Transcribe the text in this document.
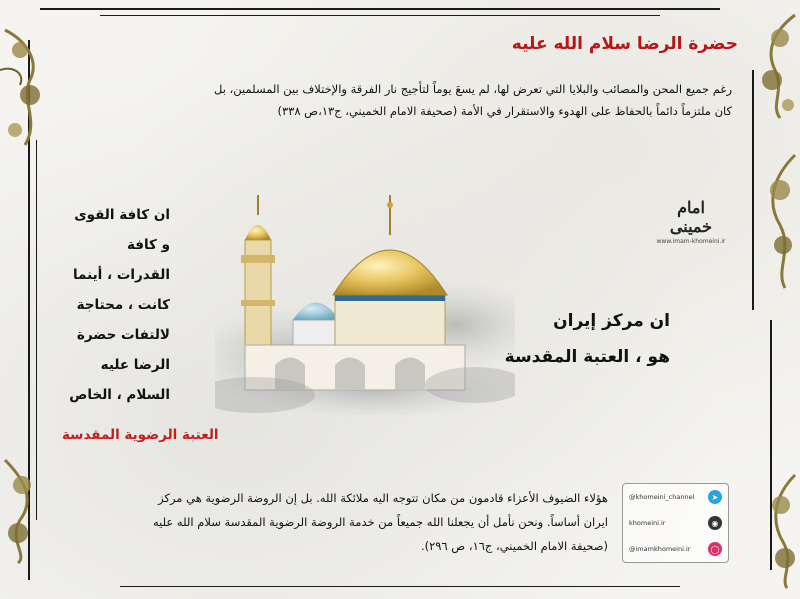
حضرة الرضا سلام الله عليه

رغم جميع المحن والمصائب والبلايا التي تعرض لها، لم يسعَ يوماً لتأجيج نار الفرقة والإختلاف بين المسلمين، بل

كان ملتزماً دائماً بالحفاظ على الهدوء والاستقرار في الأمة (صحيفة الامام الخميني، ج١٣،ص ٣٣٨)

ان كافة القوى
و كافة
القدرات ، أينما
كانت ، محتاجة
لالتفات حضرة
الرضا عليه
السلام ، الخاص
العتبة الرضوية المقدسة
ان مركز إيران
هو ، العتبة المقدسة
امام خمینی
www.imam-khomeini.ir

هؤلاء الضيوف الأعزاء قادمون من مكان تتوجه اليه ملائكة الله. بل إن الروضة الرضوية هي مركز

ايران أساساً. ونحن نأمل أن يجعلنا الله جميعاً من خدمة الروضة الرضوية المقدسة سلام الله عليه

(صحيفة الامام الخميني، ج١٦، ص ٢٩٦).

@khomeini_channel	➤
khomeini.ir	◉
@imamkhomeini.ir	◯
